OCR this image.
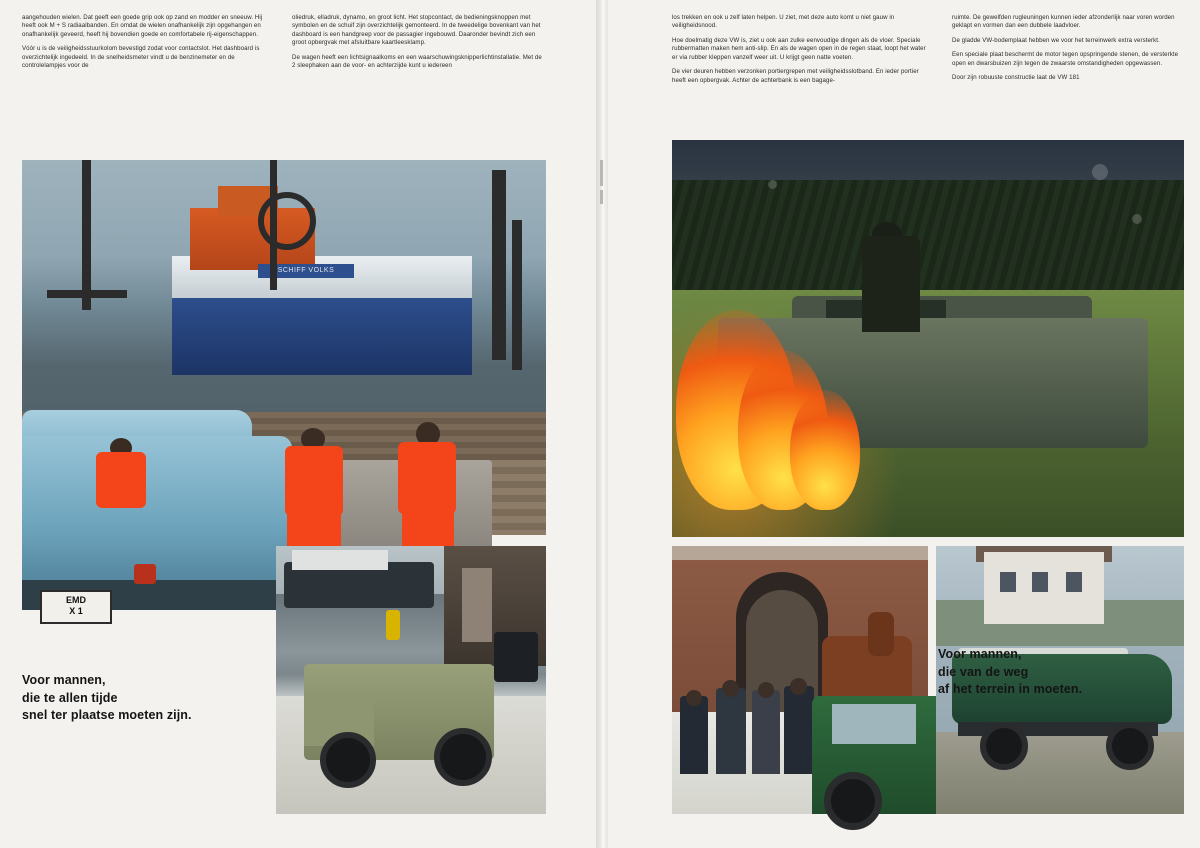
aangehouden wielen. Dat geeft een goede grip ook op zand en modder en sneeuw. Hij heeft ook M + S radiaalbanden. En omdat de wielen onafhankelijk zijn opgehangen en onafhankelijk geveerd, heeft hij bovendien goede en comfortabele rij-eigenschappen.

Vóór u is de veiligheidsstuurkolom bevestigd zodat voor contactslot. Het dashboard is overzichtelijk ingedeeld. In de snelheidsmeter vindt u de benzinemeter en de controlelampjes voor de

oliedruk, elladruk, dynamo, en groot licht. Het stopcontact, de bedieningsknoppen met symbolen en de schuif zijn overzichtelijk gemonteerd. In de tweedelige bovenkant van het dashboard is een handgreep voor de passagier ingebouwd. Daaronder bevindt zich een groot opbergvak met afsluitbare kaartleesklamp.

De wagen heeft een lichtsignaalkoms en een waarschuwingsknipperlichtinstallatie. Met de 2 sleephaken aan de voor- en achterzijde kunt u iedereen

los trekken en ook u zelf laten helpen. U ziet, met deze auto komt u niet gauw in veiligheidsnood.

Hoe doelmatig deze VW is, ziet u ook aan zulke eenvoudige dingen als de vloer. Speciale rubbermatten maken hem anti-slip. En als de wagen open in de regen staat, loopt het water er via rubber kleppen vanzelf weer uit. U krijgt geen natte voeten.

De vier deuren hebben verzonken portiergrepen met veiligheidsslotband. En ieder portier heeft een opbergvak. Achter de achterbank is een bagage-

ruimte. De gewelfden rugleuningen kunnen ieder afzonderlijk naar voren worden geklapt en vormen dan een dubbele laadvloer.

De gladde VW-bodemplaat hebben we voor het terreinwerk extra versterkt.

Een speciale plaat beschermt de motor tegen opspringende stenen, de versterkte open en dwarsbuizen zijn tegen de zwaarste omstandigheden opgewassen.

Door zijn robuuste constructie laat de VW 181

SCHIFF VOLKS
EMD
X 1
Voor mannen,
die te allen tijde
snel ter plaatse moeten zijn.
Voor mannen,
die van de weg
af het terrein in moeten.
